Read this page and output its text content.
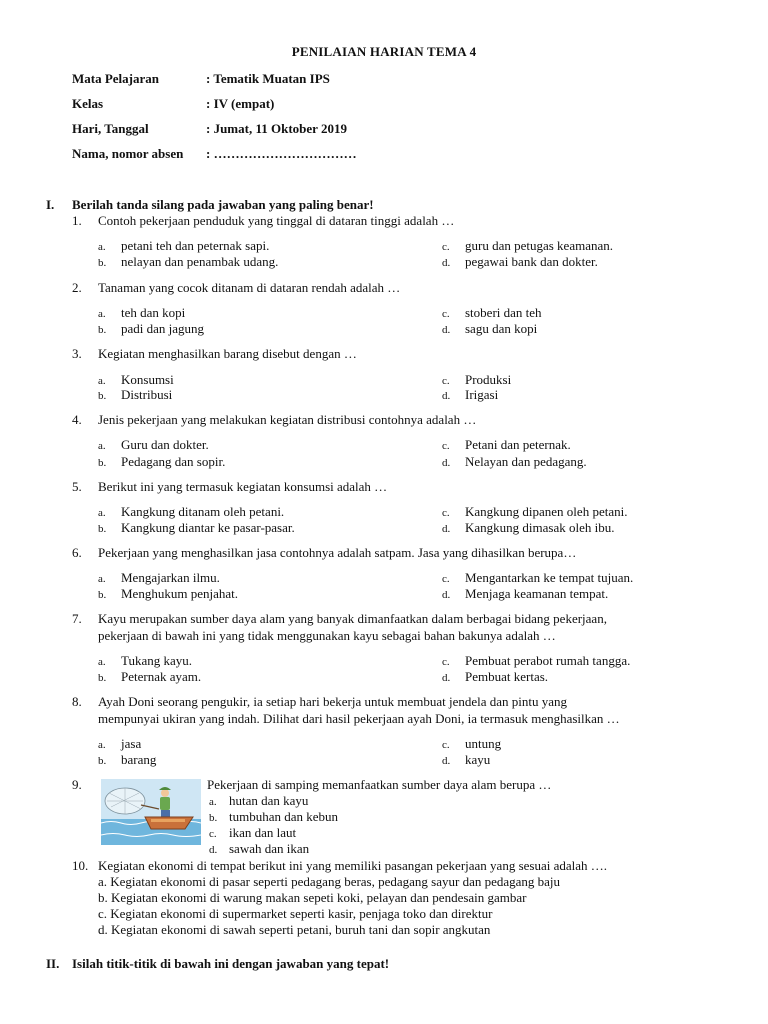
PENILAIAN HARIAN TEMA 4
Mata Pelajaran	: Tematik Muatan IPS
Kelas	: IV (empat)
Hari, Tanggal	: Jumat, 11 Oktober 2019
Nama, nomor absen : ……………………………
I. Berilah tanda silang pada jawaban yang paling benar!
1. Contoh pekerjaan penduduk yang tinggal di dataran tinggi adalah …
a. petani teh dan peternak sapi.
b. nelayan dan penambak udang.
c. guru dan petugas keamanan.
d. pegawai bank dan dokter.
2. Tanaman yang cocok ditanam di dataran rendah adalah …
a. teh dan kopi
b. padi dan jagung
c. stoberi dan teh
d. sagu dan kopi
3. Kegiatan menghasilkan barang disebut dengan …
a. Konsumsi
b. Distribusi
c. Produksi
d. Irigasi
4. Jenis pekerjaan yang melakukan kegiatan distribusi contohnya adalah …
a. Guru dan dokter.
b. Pedagang dan sopir.
c. Petani dan peternak.
d. Nelayan dan pedagang.
5. Berikut ini yang termasuk kegiatan konsumsi adalah …
a. Kangkung ditanam oleh petani.
b. Kangkung diantar ke pasar-pasar.
c. Kangkung dipanen oleh petani.
d. Kangkung dimasak oleh ibu.
6. Pekerjaan yang menghasilkan jasa contohnya adalah satpam. Jasa yang dihasilkan berupa…
a. Mengajarkan ilmu.
b. Menghukum penjahat.
c. Mengantarkan ke tempat tujuan.
d. Menjaga keamanan tempat.
7. Kayu merupakan sumber daya alam yang banyak dimanfaatkan dalam berbagai bidang pekerjaan,
pekerjaan di bawah ini yang tidak menggunakan kayu sebagai bahan bakunya adalah …
a. Tukang kayu.
b. Peternak ayam.
c. Pembuat perabot rumah tangga.
d. Pembuat kertas.
8. Ayah Doni seorang pengukir, ia setiap hari bekerja untuk membuat jendela dan pintu yang
mempunyai ukiran yang indah. Dilihat dari hasil pekerjaan ayah Doni, ia termasuk menghasilkan …
a. jasa
b. barang
c. untung
d. kayu
9.	Pekerjaan di samping memanfaatkan sumber daya alam berupa …
a. hutan dan kayu
b. tumbuhan dan kebun
c. ikan dan laut
d. sawah dan ikan
10. Kegiatan ekonomi di tempat berikut ini yang memiliki pasangan pekerjaan yang sesuai adalah ….
a. Kegiatan ekonomi di pasar seperti pedagang beras, pedagang sayur dan pedagang baju
b. Kegiatan ekonomi di warung makan sepeti koki, pelayan dan pendesain gambar
c. Kegiatan ekonomi di supermarket seperti kasir, penjaga toko dan direktur
d. Kegiatan ekonomi di sawah seperti petani, buruh tani dan sopir angkutan
II. Isilah titik-titik di bawah ini dengan jawaban yang tepat!
